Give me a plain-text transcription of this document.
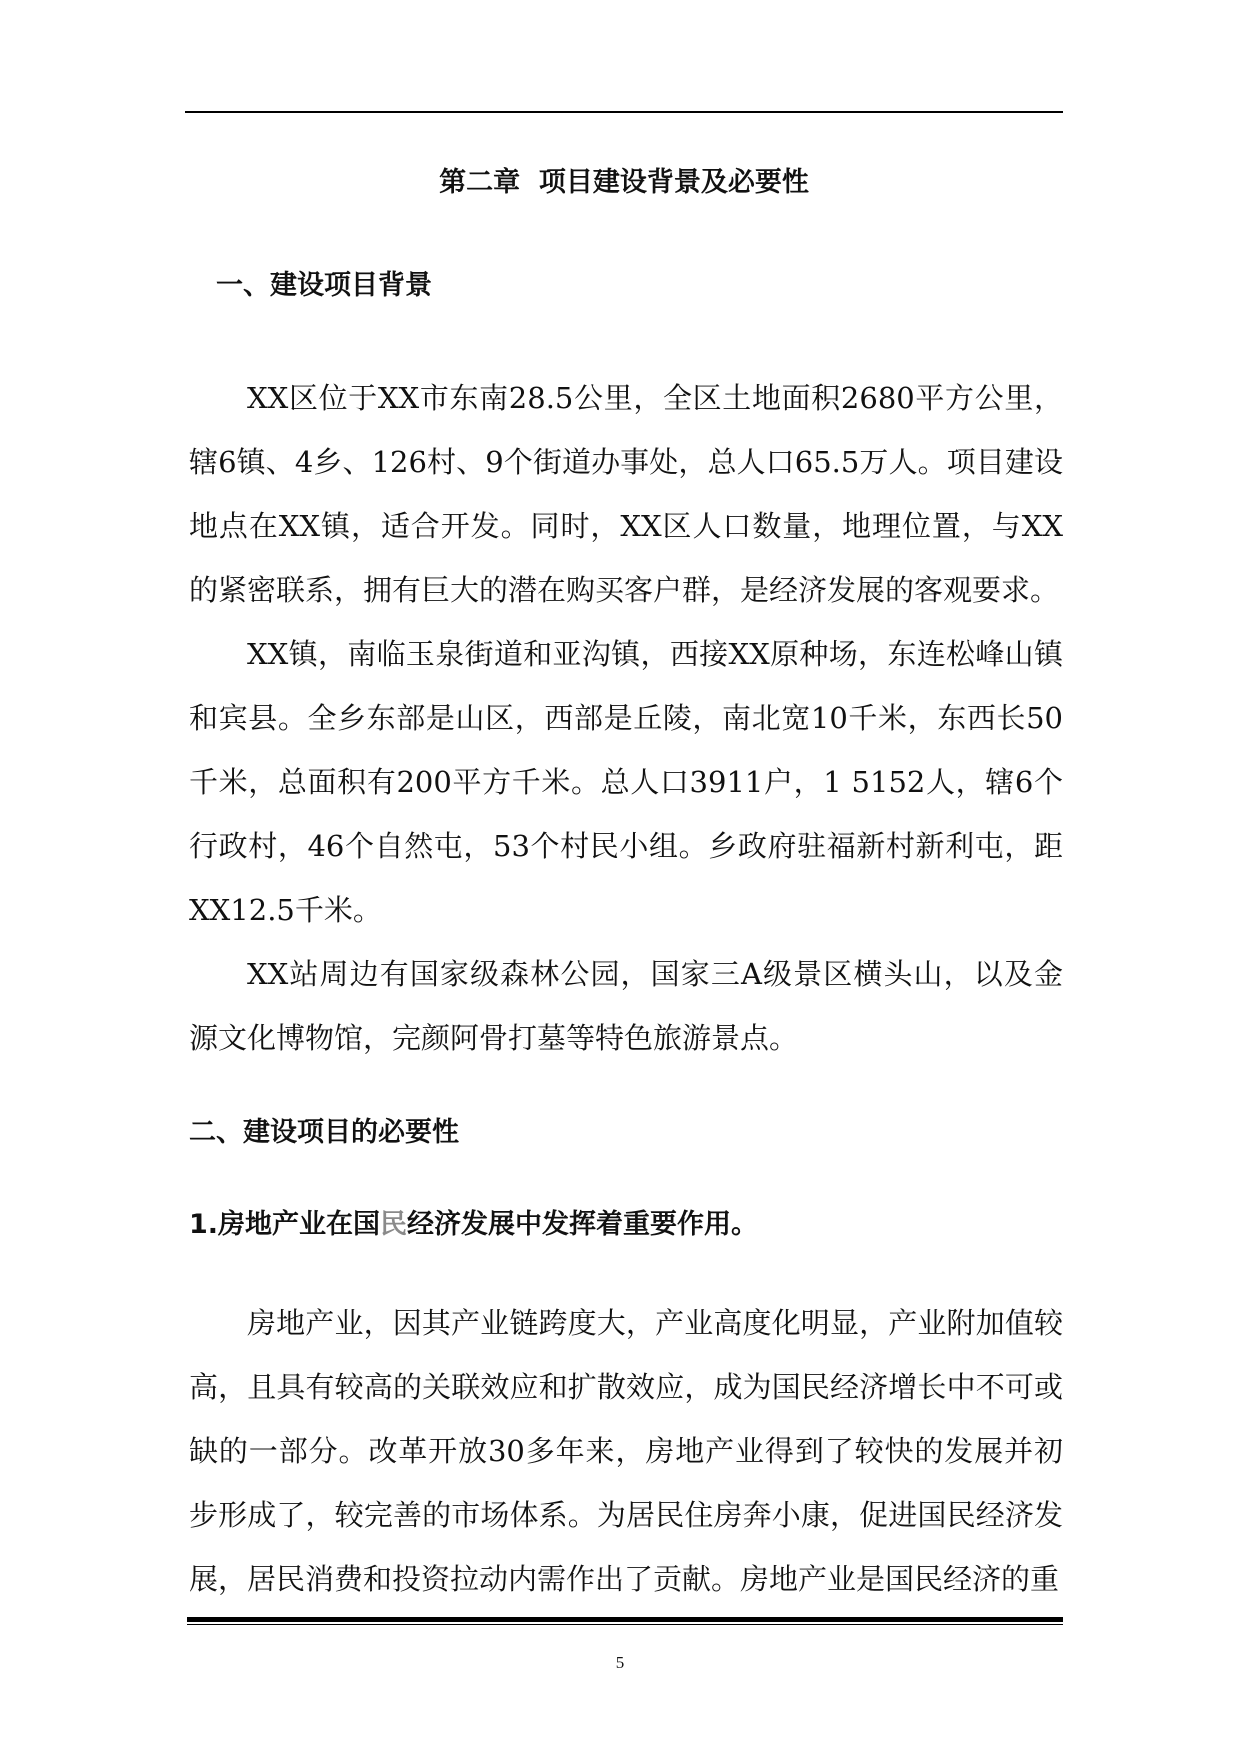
第二章  项目建设背景及必要性
一、建设项目背景

XX区位于XX市东南28.5公里，全区土地面积2680平方公里，辖6镇、4乡、126村、9个街道办事处，总人口65.5万人。项目建设地点在XX镇，适合开发。同时，XX区人口数量，地理位置，与XX的紧密联系，拥有巨大的潜在购买客户群，是经济发展的客观要求。

XX镇，南临玉泉街道和亚沟镇，西接XX原种场，东连松峰山镇和宾县。全乡东部是山区，西部是丘陵，南北宽10千米，东西长50千米，总面积有200平方千米。总人口3911户，1 5152人，辖6个行政村，46个自然屯，53个村民小组。乡政府驻福新村新利屯，距XX12.5千米。

XX站周边有国家级森林公园，国家三A级景区横头山，以及金源文化博物馆，完颜阿骨打墓等特色旅游景点。

二、建设项目的必要性
1.房地产业在国民经济发展中发挥着重要作用。

房地产业，因其产业链跨度大，产业高度化明显，产业附加值较高，且具有较高的关联效应和扩散效应，成为国民经济增长中不可或缺的一部分。改革开放30多年来，房地产业得到了较快的发展并初步形成了，较完善的市场体系。为居民住房奔小康，促进国民经济发展，居民消费和投资拉动内需作出了贡献。房地产业是国民经济的重

5
